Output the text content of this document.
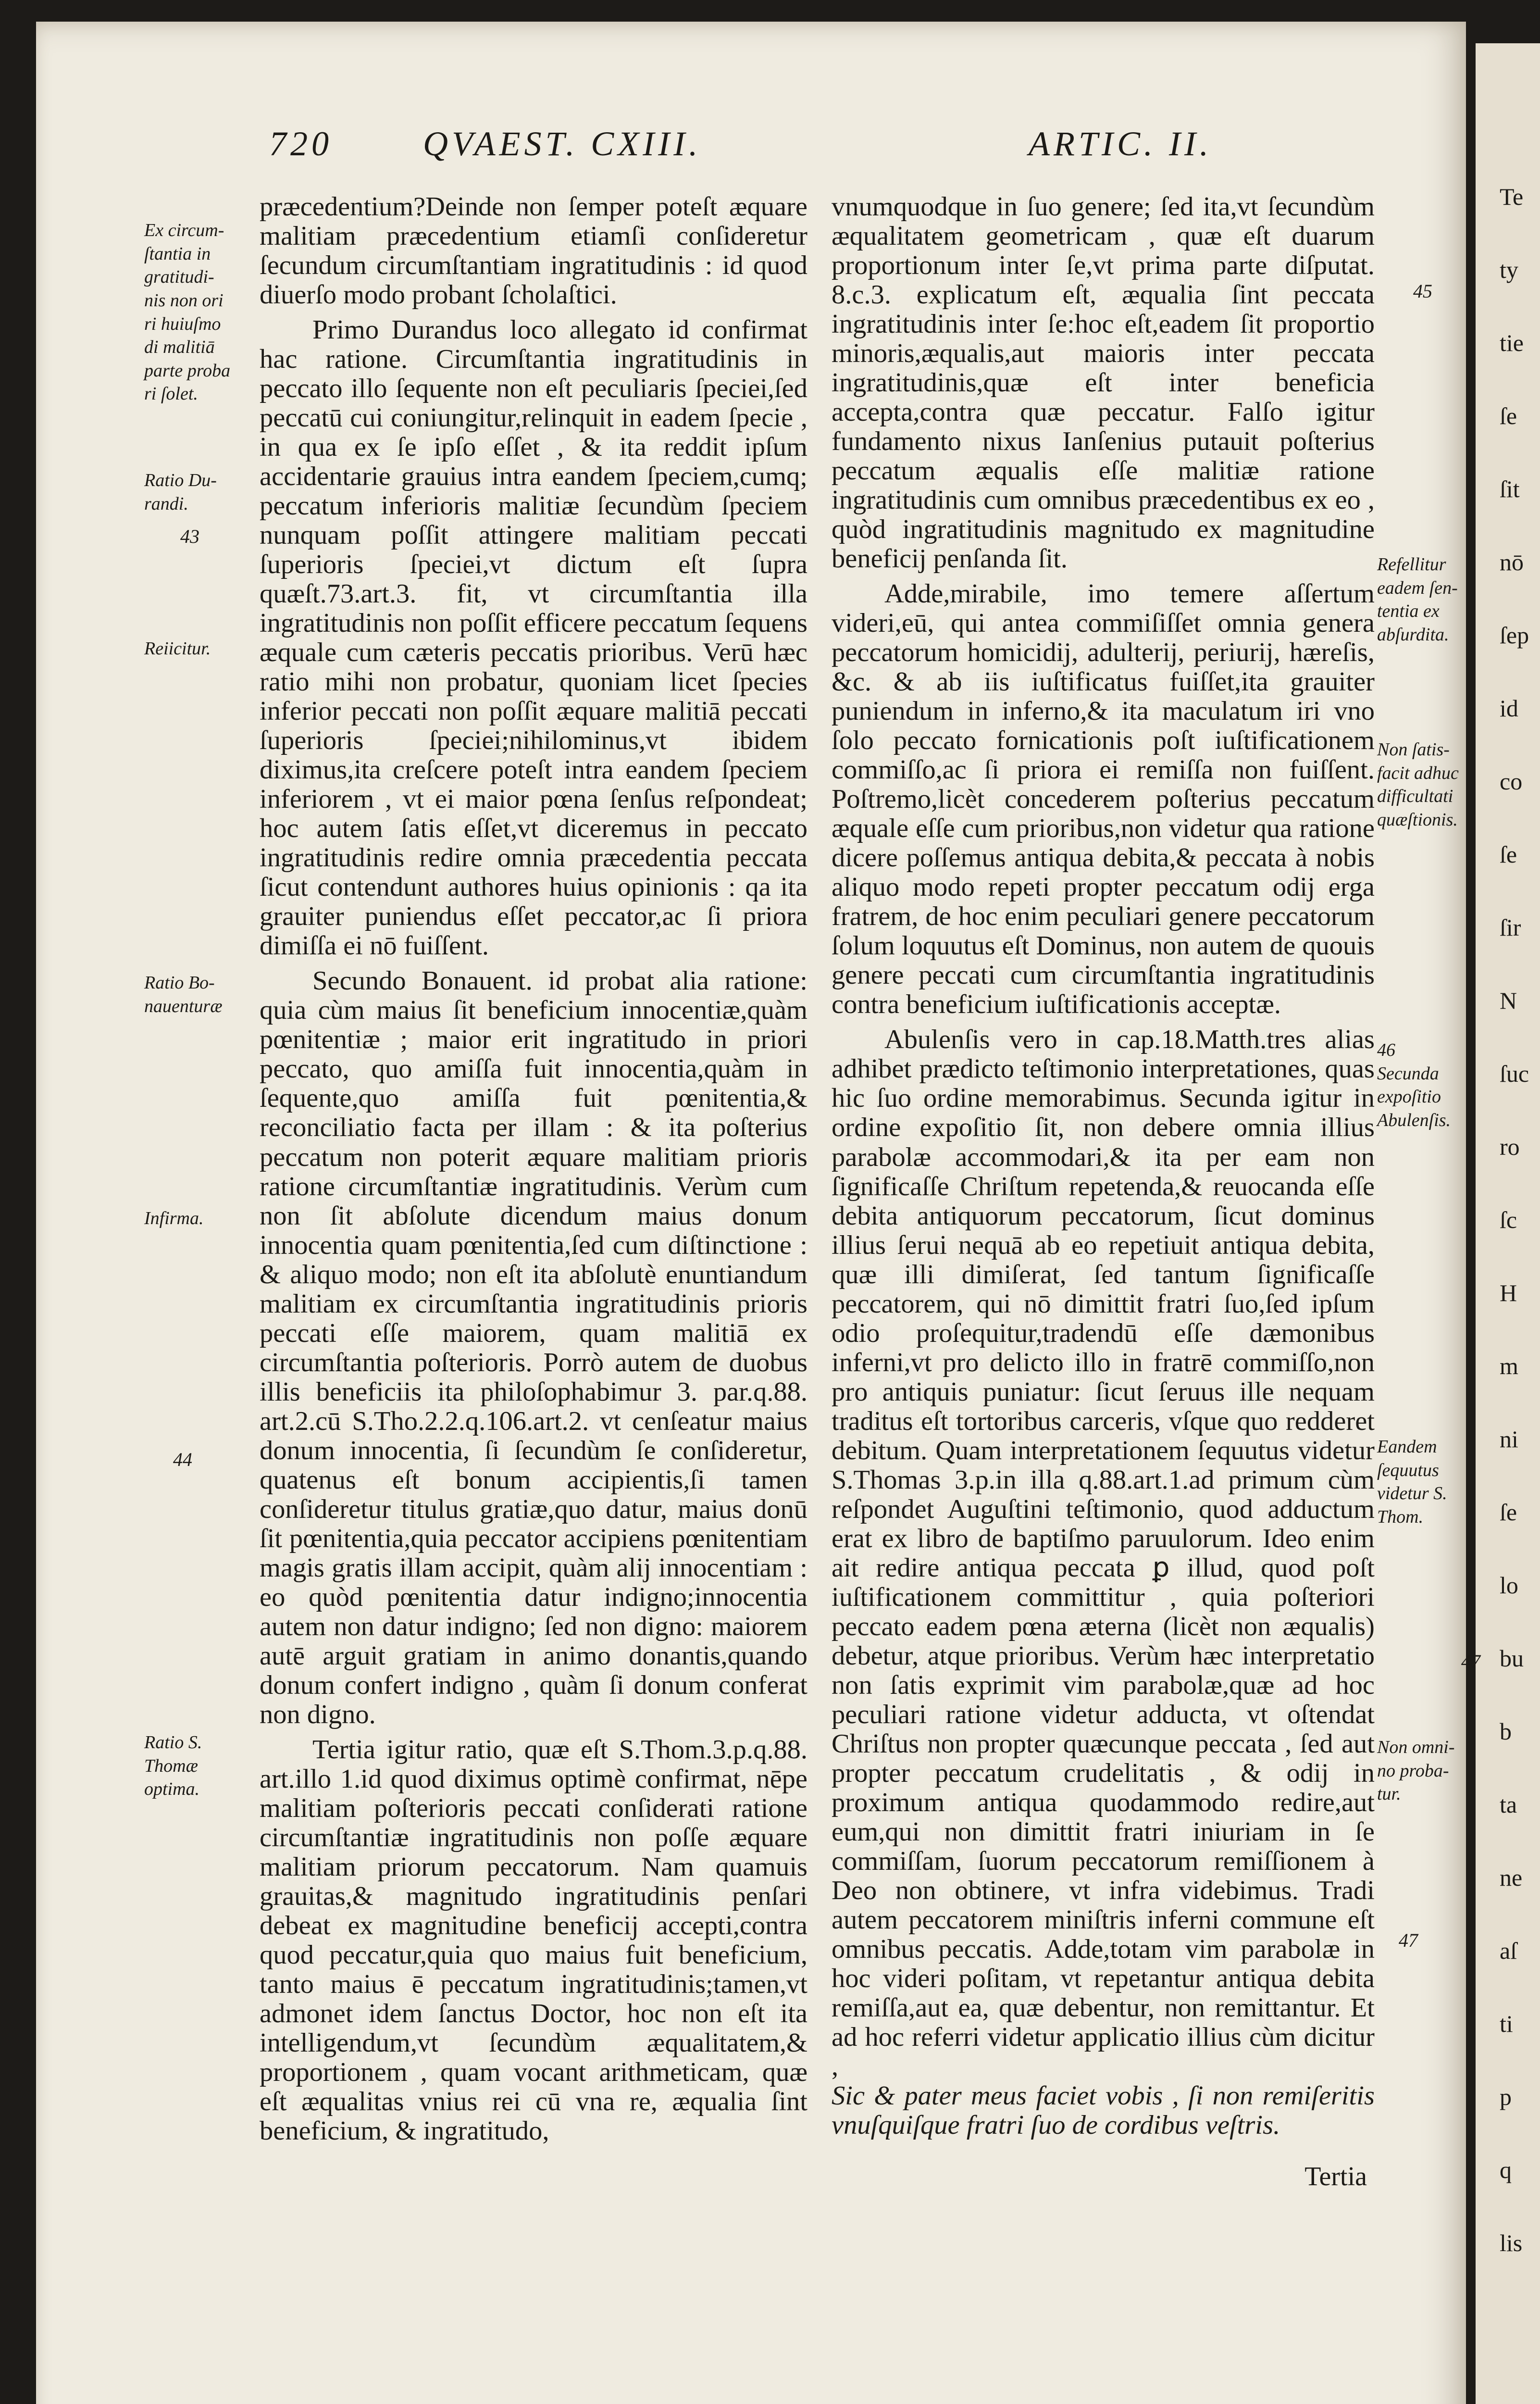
720	QVAEST. CXIII.	ARTIC. II.

præcedentium?Deinde non ſemper poteſt æquare malitiam præcedentium etiamſi conſideretur ſecundum circumſtantiam ingratitudinis : id quod diuerſo modo probant ſcholaſtici.

Primo Durandus loco allegato id confirmat hac ratione. Circumſtantia ingratitudinis in peccato illo ſequente non eſt peculiaris ſpeciei,ſed peccatū cui coniungitur,relinquit in eadem ſpecie , in qua ex ſe ipſo eſſet , & ita reddit ipſum accidentarie grauius intra eandem ſpeciem,cumq; peccatum inferioris malitiæ ſecundùm ſpeciem nunquam poſſit attingere malitiam peccati ſuperioris ſpeciei,vt dictum eſt ſupra quæſt.73.art.3. fit, vt circumſtantia illa ingratitudinis non poſſit efficere peccatum ſequens æquale cum cæteris peccatis prioribus. Verū hæc ratio mihi non probatur, quoniam licet ſpecies inferior peccati non poſſit æquare malitiā peccati ſuperioris ſpeciei;nihilominus,vt ibidem diximus,ita creſcere poteſt intra eandem ſpeciem inferiorem , vt ei maior pœna ſenſus reſpondeat; hoc autem ſatis eſſet,vt diceremus in peccato ingratitudinis redire omnia præcedentia peccata ſicut contendunt authores huius opinionis : qa ita grauiter puniendus eſſet peccator,ac ſi priora dimiſſa ei nō fuiſſent.

Secundo Bonauent. id probat alia ratione: quia cùm maius ſit beneficium innocentiæ,quàm pœnitentiæ ; maior erit ingratitudo in priori peccato, quo amiſſa fuit innocentia,quàm in ſequente,quo amiſſa fuit pœnitentia,& reconciliatio facta per illam : & ita poſterius peccatum non poterit æquare malitiam prioris ratione circumſtantiæ ingratitudinis. Verùm cum non ſit abſolute dicendum maius donum innocentia quam pœnitentia,ſed cum diſtinctione : & aliquo modo; non eſt ita abſolutè enuntiandum malitiam ex circumſtantia ingratitudinis prioris peccati eſſe maiorem, quam malitiā ex circumſtantia poſterioris. Porrò autem de duobus illis beneficiis ita philoſophabimur 3. par.q.88. art.2.cū S.Tho.2.2.q.106.art.2. vt cenſeatur maius donum innocentia, ſi ſecundùm ſe conſideretur, quatenus eſt bonum accipientis,ſi tamen conſideretur titulus gratiæ,quo datur, maius donū ſit pœnitentia,quia peccator accipiens pœnitentiam magis gratis illam accipit, quàm alij innocentiam : eo quòd pœnitentia datur indigno;innocentia autem non datur indigno; ſed non digno: maiorem autē arguit gratiam in animo donantis,quando donum confert indigno , quàm ſi donum conferat non digno.

Tertia igitur ratio, quæ eſt S.Thom.3.p.q.88. art.illo 1.id quod diximus optimè confirmat, nēpe malitiam poſterioris peccati conſiderati ratione circumſtantiæ ingratitudinis non poſſe æquare malitiam priorum peccatorum. Nam quamuis grauitas,& magnitudo ingratitudinis penſari debeat ex magnitudine beneficij accepti,contra quod peccatur,quia quo maius fuit beneficium, tanto maius ē peccatum ingratitudinis;tamen,vt admonet idem ſanctus Doctor, hoc non eſt ita intelligendum,vt ſecundùm æqualitatem,& proportionem , quam vocant arithmeticam, quæ eſt æqualitas vnius rei cū vna re, æqualia ſint beneficium, & ingratitudo,

vnumquodque in ſuo genere; ſed ita,vt ſecundùm æqualitatem geometricam , quæ eſt duarum proportionum inter ſe,vt prima parte diſputat. 8.c.3. explicatum eſt, æqualia ſint peccata ingratitudinis inter ſe:hoc eſt,eadem ſit proportio minoris,æqualis,aut maioris inter peccata ingratitudinis,quæ eſt inter beneficia accepta,contra quæ peccatur. Falſo igitur fundamento nixus Ianſenius putauit poſterius peccatum æqualis eſſe malitiæ ratione ingratitudinis cum omnibus præcedentibus ex eo , quòd ingratitudinis magnitudo ex magnitudine beneficij penſanda ſit.

Adde,mirabile, imo temere aſſertum videri,eū, qui antea commiſiſſet omnia genera peccatorum homicidij, adulterij, periurij, hæreſis, &c. & ab iis iuſtificatus fuiſſet,ita grauiter puniendum in inferno,& ita maculatum iri vno ſolo peccato fornicationis poſt iuſtificationem commiſſo,ac ſi priora ei remiſſa non fuiſſent. Poſtremo,licèt concederem poſterius peccatum æquale eſſe cum prioribus,non videtur qua ratione dicere poſſemus antiqua debita,& peccata à nobis aliquo modo repeti propter peccatum odij erga fratrem, de hoc enim peculiari genere peccatorum ſolum loquutus eſt Dominus, non autem de quouis genere peccati cum circumſtantia ingratitudinis contra beneficium iuſtificationis acceptæ.

Abulenſis vero in cap.18.Matth.tres alias adhibet prædicto teſtimonio interpretationes, quas hic ſuo ordine memorabimus. Secunda igitur in ordine expoſitio ſit, non debere omnia illius parabolæ accommodari,& ita per eam non ſignificaſſe Chriſtum repetenda,& reuocanda eſſe debita antiquorum peccatorum, ſicut dominus illius ſerui nequā ab eo repetiuit antiqua debita, quæ illi dimiſerat, ſed tantum ſignificaſſe peccatorem, qui nō dimittit fratri ſuo,ſed ipſum odio proſequitur,tradendū eſſe dæmonibus inferni,vt pro delicto illo in fratrē commiſſo,non pro antiquis puniatur: ſicut ſeruus ille nequam traditus eſt tortoribus carceris, vſque quo redderet debitum. Quam interpretationem ſequutus videtur S.Thomas 3.p.in illa q.88.art.1.ad primum cùm reſpondet Auguſtini teſtimonio, quod adductum erat ex libro de baptiſmo paruulorum. Ideo enim ait redire antiqua peccata ꝑ illud, quod poſt iuſtificationem committitur , quia poſteriori peccato eadem pœna æterna (licèt non æqualis) debetur, atque prioribus. Verùm hæc interpretatio non ſatis exprimit vim parabolæ,quæ ad hoc peculiari ratione videtur adducta, vt oſtendat Chriſtus non propter quæcunque peccata , ſed aut propter peccatum crudelitatis , & odij in proximum antiqua quodammodo redire,aut eum,qui non dimittit fratri iniuriam in ſe commiſſam, ſuorum peccatorum remiſſionem à Deo non obtinere, vt infra videbimus. Tradi autem peccatorem miniſtris inferni commune eſt omnibus peccatis. Adde,totam vim parabolæ in hoc videri poſitam, vt repetantur antiqua debita remiſſa,aut ea, quæ debentur, non remittantur. Et ad hoc referri videtur applicatio illius cùm dicitur ,

Sic & pater meus faciet vobis , ſi non remiſeritis vnuſquiſque fratri ſuo de cordibus veſtris.

Ex circum-
ſtantia in
gratitudi-
nis non ori
ri huiuſmo
di malitiā
parte proba
ri ſolet.
Ratio Du-
randi.
43
Reiicitur.
Ratio Bo-
nauenturæ
Infirma.
44
Ratio S.
Thomæ
optima.
45
Refellitur
eadem ſen-
tentia ex
abſurdita.
Non ſatis-
facit adhuc
difficultati
quæſtionis.
46
Secunda
expoſitio
Abulenſis.
Eandem
ſequutus
videtur S.
Thom.
Non omni-
no proba-
tur.
47
47
Tertia
Te
ty
tie
ſe
ſit
nō
ſep
id
co
ſe
ſir
N
ſuc
ro
ſc
H
m
ni
ſe
lo
bu
b
ta
ne
aſ
ti
p
q
lis
